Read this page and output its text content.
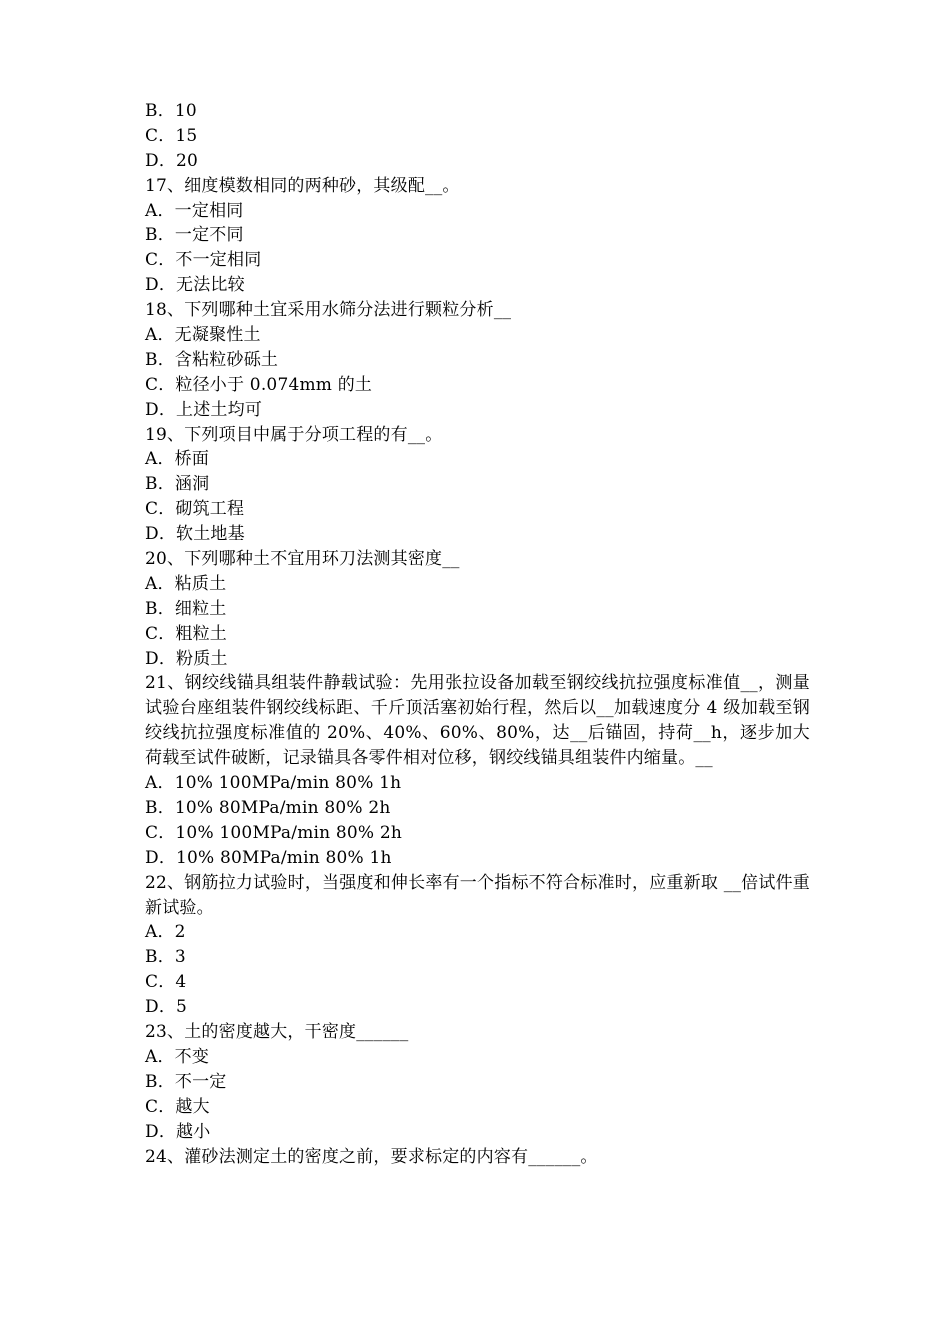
B．10
C．15
D．20
17、细度模数相同的两种砂，其级配__。
A．一定相同
B．一定不同
C．不一定相同
D．无法比较
18、下列哪种土宜采用水筛分法进行颗粒分析__
A．无凝聚性土
B．含粘粒砂砾土
C．粒径小于 0.074mm 的土
D．上述土均可
19、下列项目中属于分项工程的有__。
A．桥面
B．涵洞
C．砌筑工程
D．软土地基
20、下列哪种土不宜用环刀法测其密度__
A．粘质土
B．细粒土
C．粗粒土
D．粉质土
21、钢绞线锚具组装件静载试验：先用张拉设备加载至钢绞线抗拉强度标准值__，测量试验台座组装件钢绞线标距、千斤顶活塞初始行程，然后以__加载速度分 4 级加载至钢绞线抗拉强度标准值的 20%、40%、60%、80%，达__后锚固，持荷__h，逐步加大荷载至试件破断，记录锚具各零件相对位移，钢绞线锚具组装件内缩量。__
A．10% 100MPa/min 80% 1h
B．10% 80MPa/min 80% 2h
C．10% 100MPa/min 80% 2h
D．10% 80MPa/min 80% 1h
22、钢筋拉力试验时，当强度和伸长率有一个指标不符合标准时，应重新取 __倍试件重新试验。
A．2
B．3
C．4
D．5
23、土的密度越大，干密度______
A．不变
B．不一定
C．越大
D．越小
24、灌砂法测定土的密度之前，要求标定的内容有______。
